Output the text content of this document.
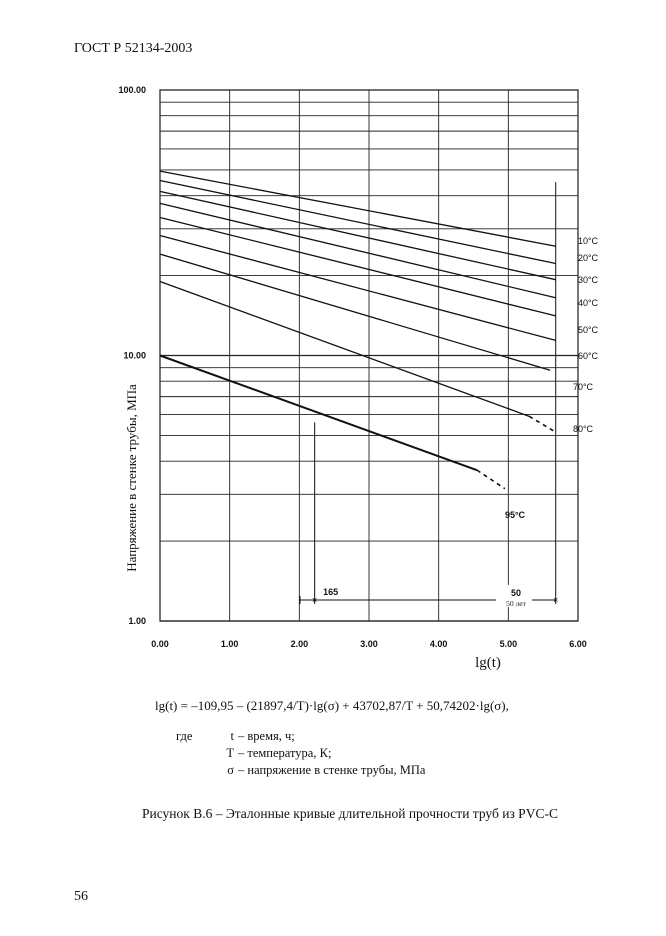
ГОСТ Р 52134-2003
×	×
0.00	1.00	2.00	3.00	4.00	5.00	6.00
100.00
10.00
1.00
10°C
20°C
30°C
40°C
50°C
60°C
70°C
80°C
95°C
165	50
50 лет
lg(t)
Напряжение в стенке трубы, МПа
lg(t) = –109,95 – (21897,4/T)·lg(σ) + 43702,87/T + 50,74202·lg(σ),
где	t – время, ч;
T – температура, К;
σ – напряжение в стенке трубы, МПа
Рисунок В.6 – Эталонные кривые длительной прочности труб из PVC-C
56
